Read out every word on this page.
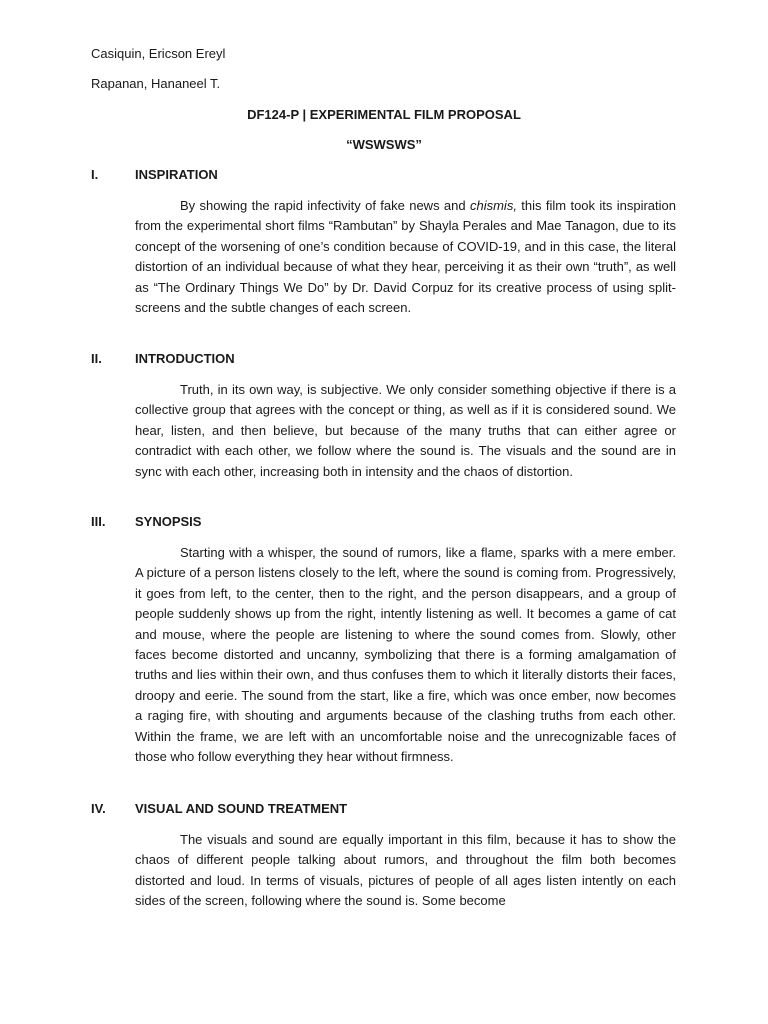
Casiquin, Ericson Ereyl
Rapanan, Hananeel T.
DF124-P | EXPERIMENTAL FILM PROPOSAL
“WSWSWS”
I.	INSPIRATION

By showing the rapid infectivity of fake news and chismis, this film took its inspiration from the experimental short films “Rambutan” by Shayla Perales and Mae Tanagon, due to its concept of the worsening of one’s condition because of COVID-19, and in this case, the literal distortion of an individual because of what they hear, perceiving it as their own “truth”, as well as “The Ordinary Things We Do” by Dr. David Corpuz for its creative process of using split-screens and the subtle changes of each screen.

II.	INTRODUCTION

Truth, in its own way, is subjective. We only consider something objective if there is a collective group that agrees with the concept or thing, as well as if it is considered sound. We hear, listen, and then believe, but because of the many truths that can either agree or contradict with each other, we follow where the sound is. The visuals and the sound are in sync with each other, increasing both in intensity and the chaos of distortion.

III.	SYNOPSIS

Starting with a whisper, the sound of rumors, like a flame, sparks with a mere ember. A picture of a person listens closely to the left, where the sound is coming from. Progressively, it goes from left, to the center, then to the right, and the person disappears, and a group of people suddenly shows up from the right, intently listening as well. It becomes a game of cat and mouse, where the people are listening to where the sound comes from. Slowly, other faces become distorted and uncanny, symbolizing that there is a forming amalgamation of truths and lies within their own, and thus confuses them to which it literally distorts their faces, droopy and eerie. The sound from the start, like a fire, which was once ember, now becomes a raging fire, with shouting and arguments because of the clashing truths from each other. Within the frame, we are left with an uncomfortable noise and the unrecognizable faces of those who follow everything they hear without firmness.

IV.	VISUAL AND SOUND TREATMENT

The visuals and sound are equally important in this film, because it has to show the chaos of different people talking about rumors, and throughout the film both becomes distorted and loud. In terms of visuals, pictures of people of all ages listen intently on each sides of the screen, following where the sound is. Some become
